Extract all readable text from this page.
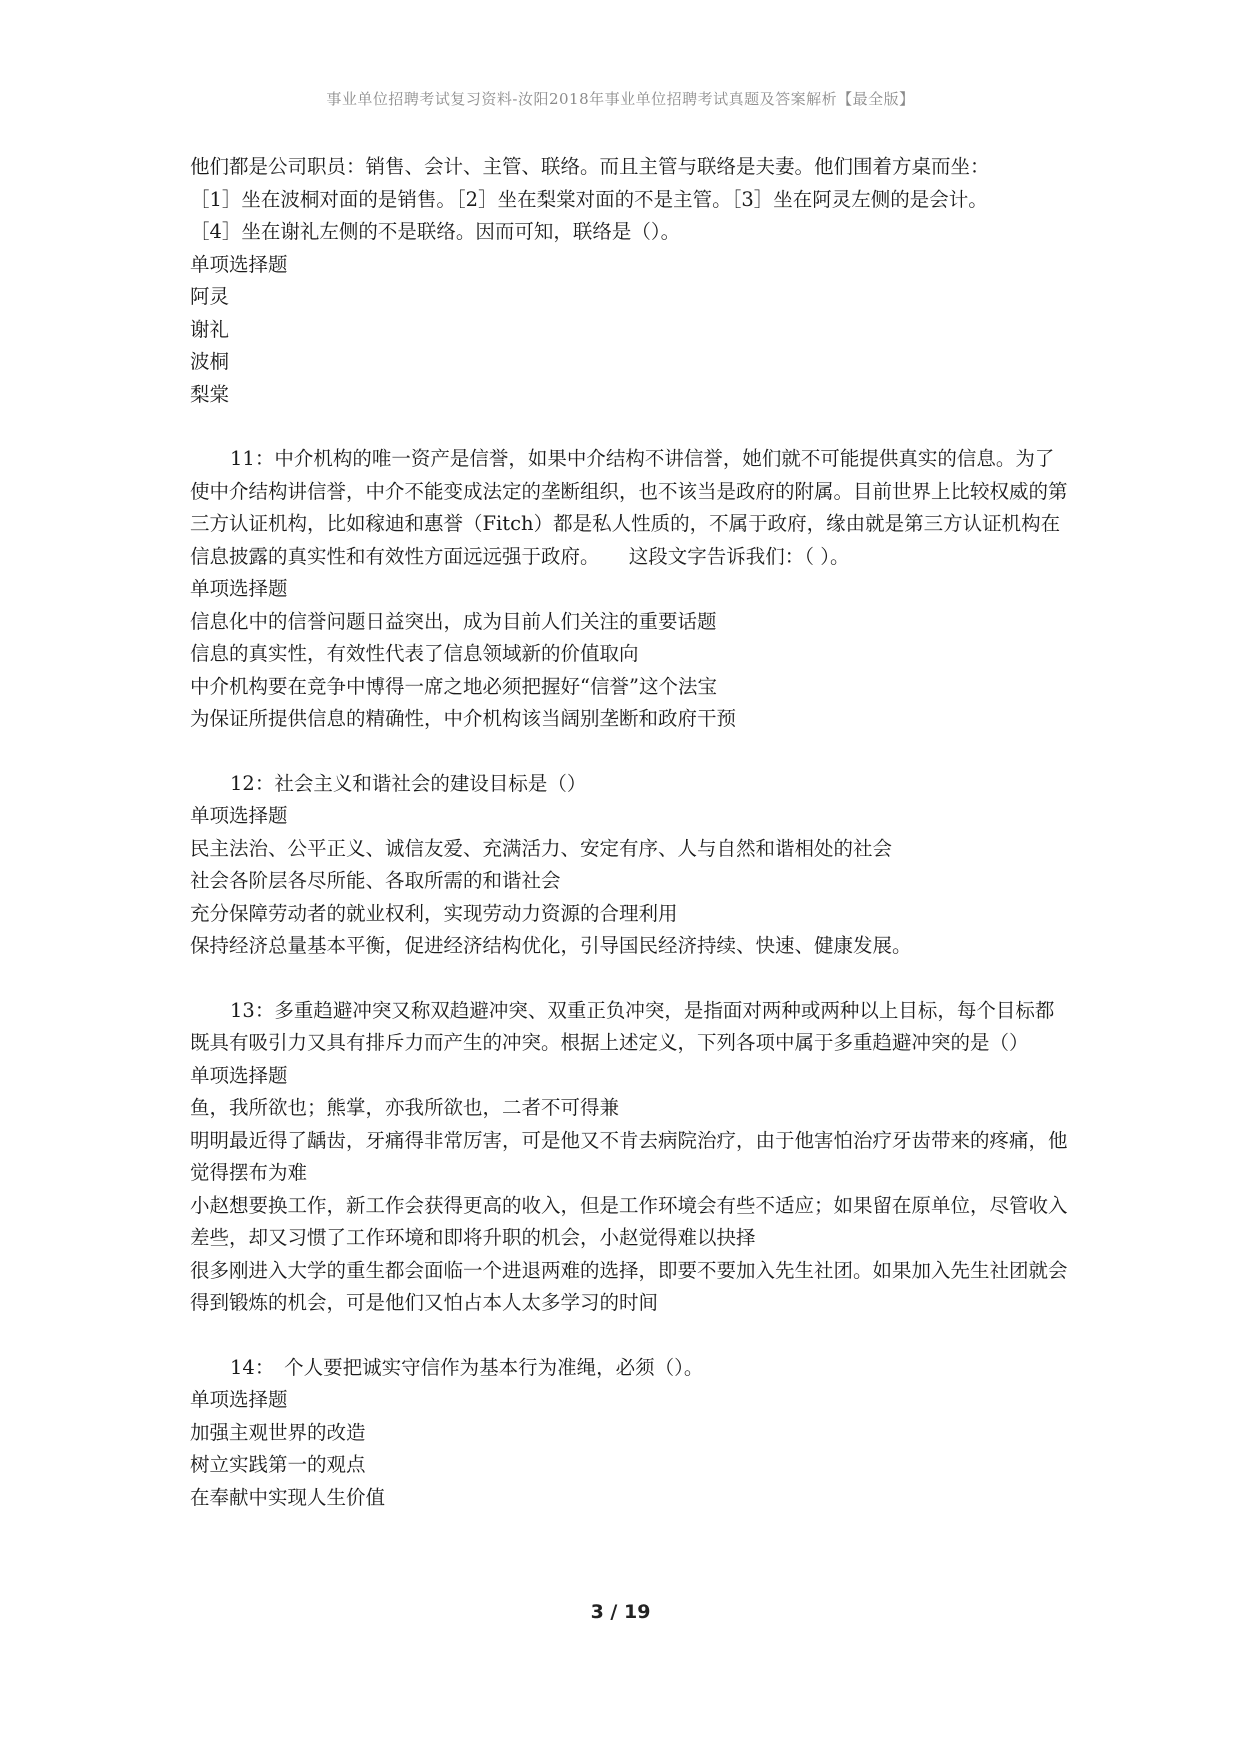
事业单位招聘考试复习资料-汝阳2018年事业单位招聘考试真题及答案解析【最全版】
他们都是公司职员：销售、会计、主管、联络。而且主管与联络是夫妻。他们围着方桌而坐：
［1］坐在波桐对面的是销售。［2］坐在梨棠对面的不是主管。［3］坐在阿灵左侧的是会计。
［4］坐在谢礼左侧的不是联络。因而可知，联络是（）。
单项选择题
阿灵
谢礼
波桐
梨棠
11：中介机构的唯一资产是信誉，如果中介结构不讲信誉，她们就不可能提供真实的信息。为了使中介结构讲信誉，中介不能变成法定的垄断组织，也不该当是政府的附属。目前世界上比较权威的第三方认证机构，比如稼迪和惠誉（Fitch）都是私人性质的，不属于政府，缘由就是第三方认证机构在信息披露的真实性和有效性方面远远强于政府。　　这段文字告诉我们：（ ）。
单项选择题
信息化中的信誉问题日益突出，成为目前人们关注的重要话题
信息的真实性，有效性代表了信息领域新的价值取向
中介机构要在竞争中博得一席之地必须把握好“信誉”这个法宝
为保证所提供信息的精确性，中介机构该当阔别垄断和政府干预
12：社会主义和谐社会的建设目标是（）
单项选择题
民主法治、公平正义、诚信友爱、充满活力、安定有序、人与自然和谐相处的社会
社会各阶层各尽所能、各取所需的和谐社会
充分保障劳动者的就业权利，实现劳动力资源的合理利用
保持经济总量基本平衡，促进经济结构优化，引导国民经济持续、快速、健康发展。
13：多重趋避冲突又称双趋避冲突、双重正负冲突，是指面对两种或两种以上目标，每个目标都既具有吸引力又具有排斥力而产生的冲突。根据上述定义，下列各项中属于多重趋避冲突的是（）
单项选择题
鱼，我所欲也；熊掌，亦我所欲也，二者不可得兼
明明最近得了龋齿，牙痛得非常厉害，可是他又不肯去病院治疗，由于他害怕治疗牙齿带来的疼痛，他觉得摆布为难
小赵想要换工作，新工作会获得更高的收入，但是工作环境会有些不适应；如果留在原单位，尽管收入差些，却又习惯了工作环境和即将升职的机会，小赵觉得难以抉择
很多刚进入大学的重生都会面临一个进退两难的选择，即要不要加入先生社团。如果加入先生社团就会得到锻炼的机会，可是他们又怕占本人太多学习的时间
14：　个人要把诚实守信作为基本行为准绳，必须（）。
单项选择题
加强主观世界的改造
树立实践第一的观点
在奉献中实现人生价值
3 / 19
